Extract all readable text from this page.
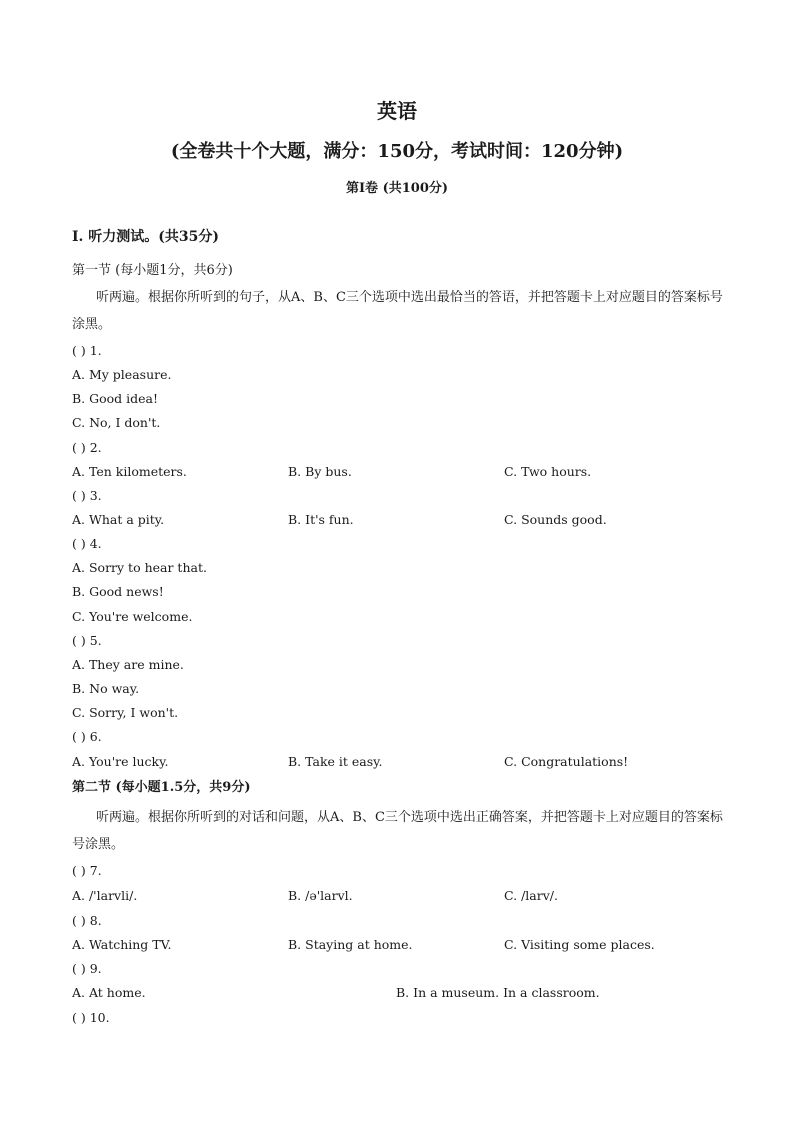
英语
(全卷共十个大题，满分：150分，考试时间：120分钟)
第I卷 (共100分)
I. 听力测试。(共35分)
第一节 (每小题1分，共6分)
听两遍。根据你所听到的句子，从A、B、C三个选项中选出最恰当的答语，并把答题卡上对应题目的答案标号涂黑。
( ) 1.
A. My pleasure.
B. Good idea!
C. No, I don't.
( ) 2.
A. Ten kilometers.	B. By bus.	C. Two hours.
( ) 3.
A. What a pity.	B. It's fun.	C. Sounds good.
( ) 4.
A. Sorry to hear that.
B. Good news!
C. You're welcome.
( ) 5.
A. They are mine.
B. No way.
C. Sorry, I won't.
( ) 6.
A. You're lucky.	B. Take it easy.	C. Congratulations!
第二节 (每小题1.5分，共9分)
听两遍。根据你所听到的对话和问题，从A、B、C三个选项中选出正确答案，并把答题卡上对应题目的答案标号涂黑。
( ) 7.
A. /'larvli/.	B. /ə'larvl.	C. /larv/.
( ) 8.
A. Watching TV.	B. Staying at home.	C. Visiting some places.
( ) 9.
A. At home.	B. In a museum. In a classroom.
( ) 10.
